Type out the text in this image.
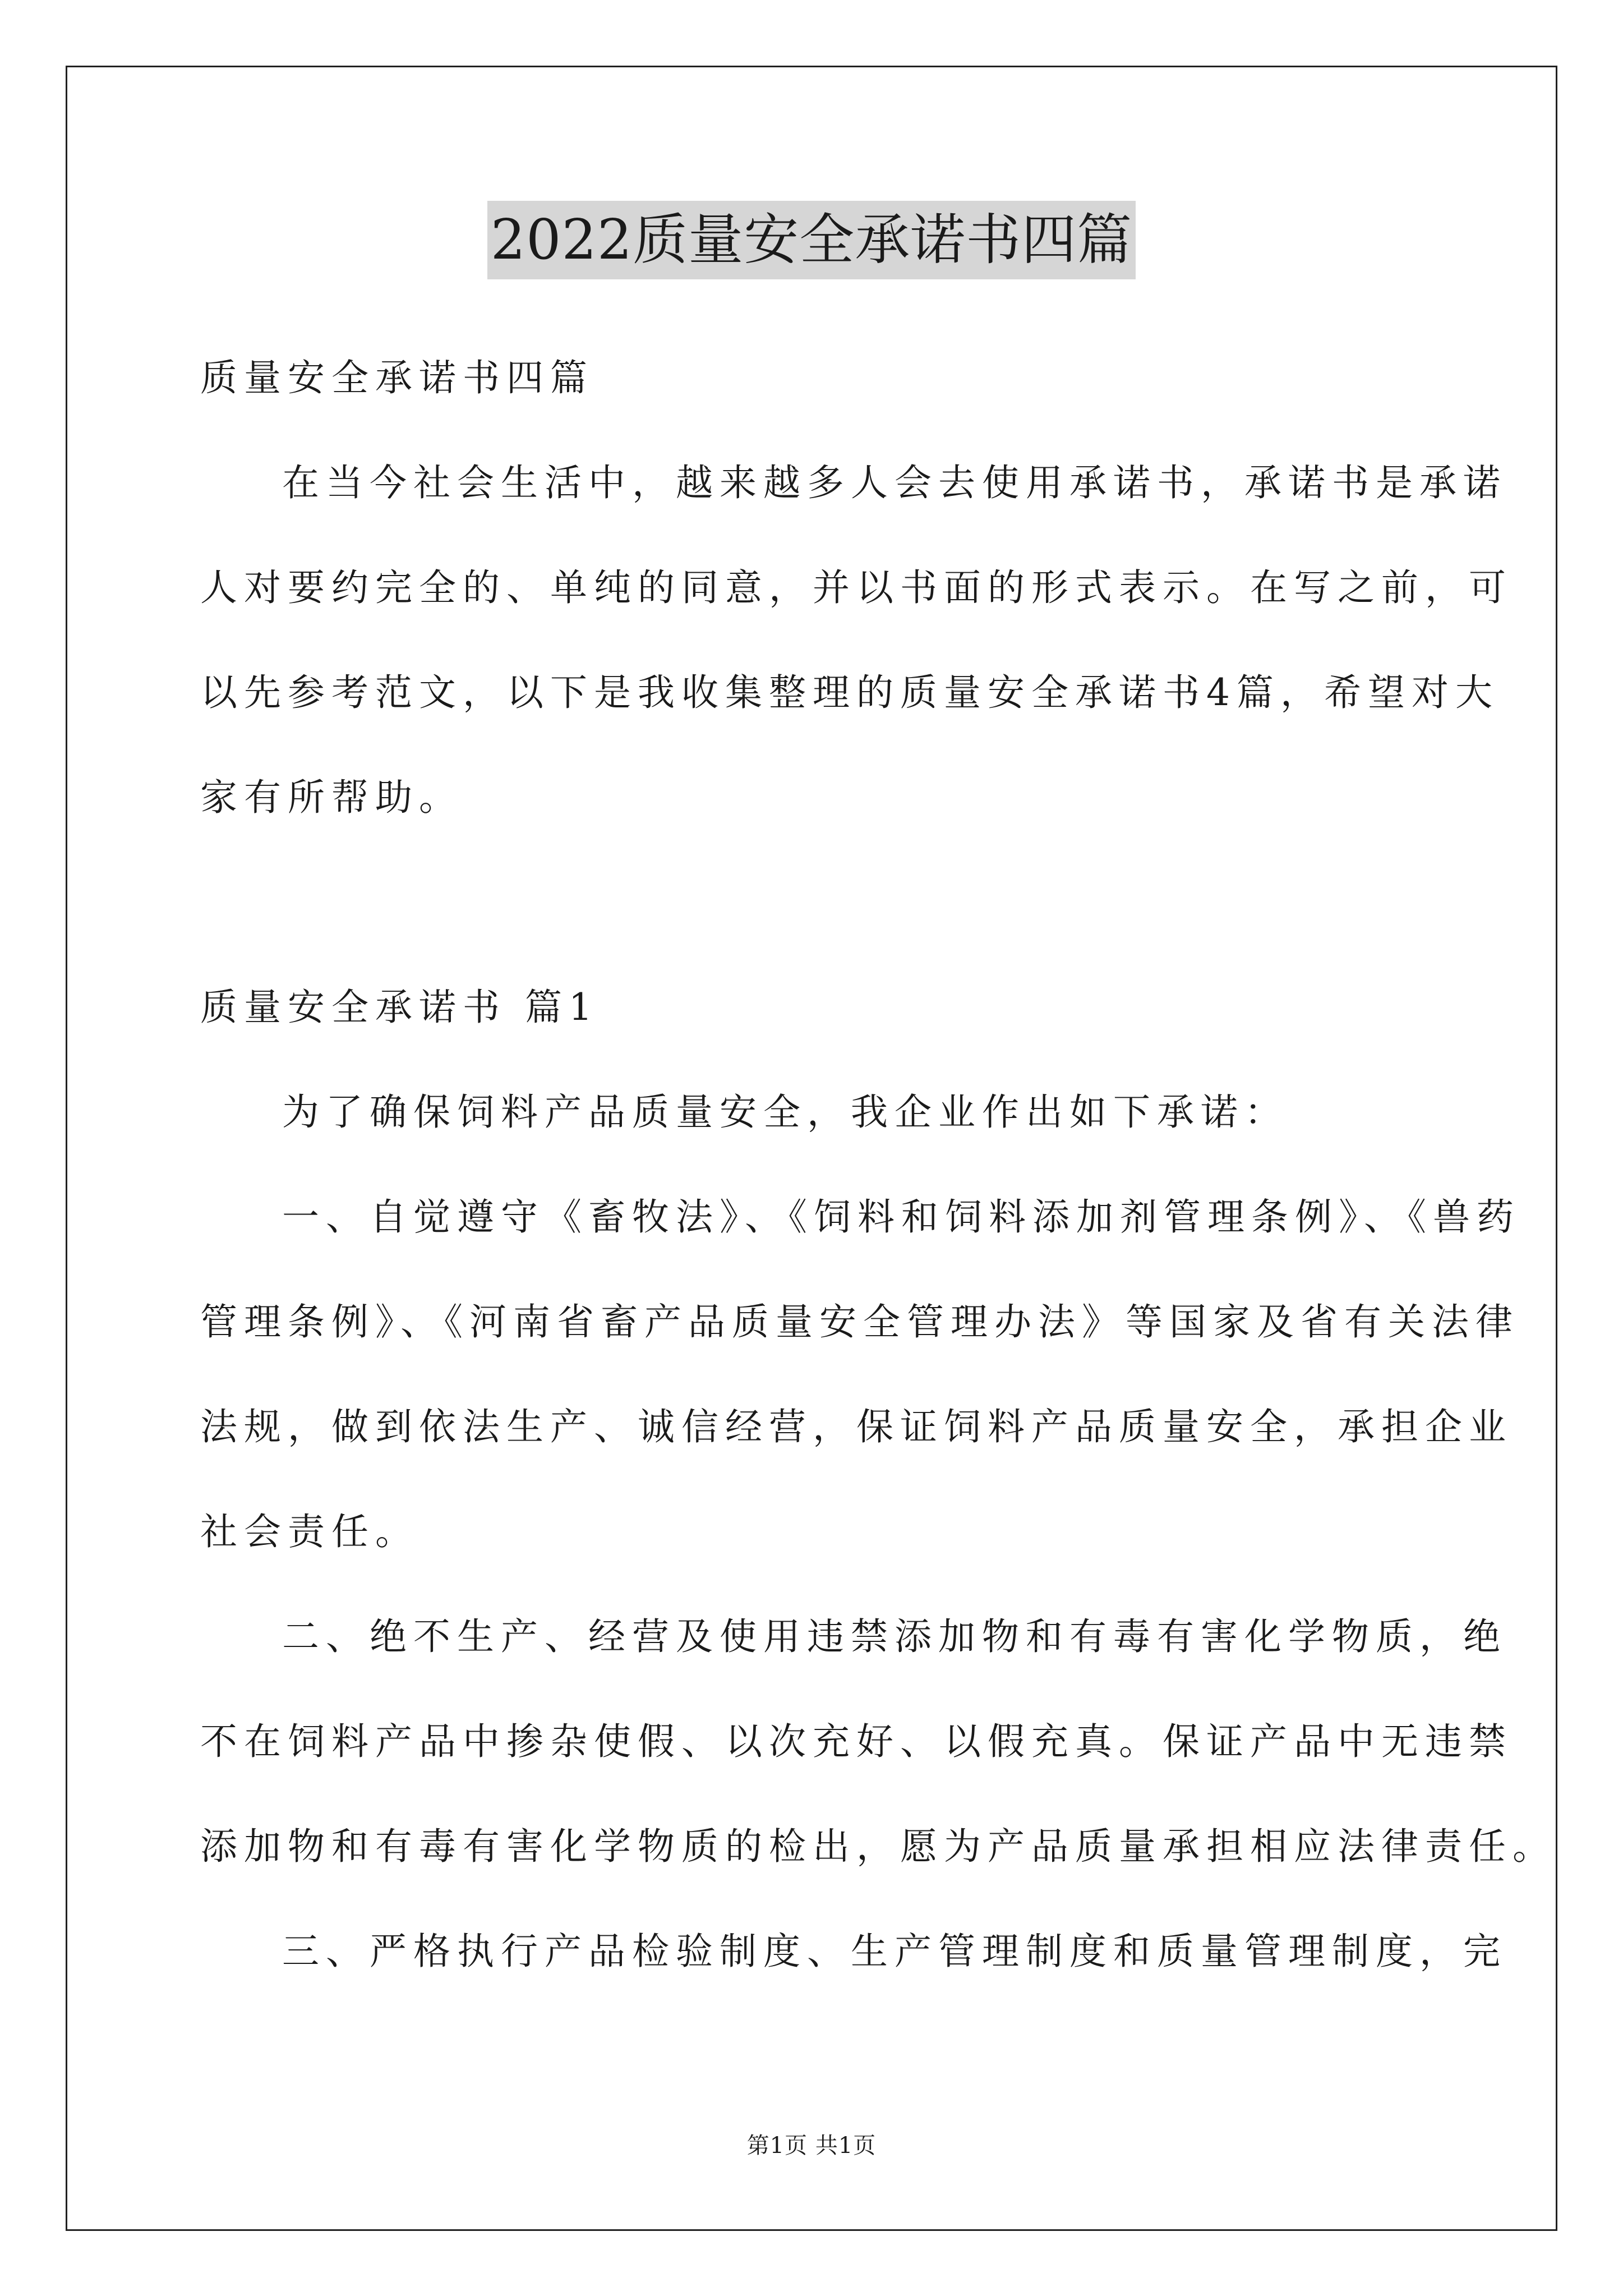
2022质量安全承诺书四篇

质量安全承诺书四篇

在当今社会生活中，越来越多人会去使用承诺书，承诺书是承诺

人对要约完全的、单纯的同意，并以书面的形式表示。在写之前，可

以先参考范文，以下是我收集整理的质量安全承诺书4篇，希望对大

家有所帮助。

质量安全承诺书 篇1

为了确保饲料产品质量安全，我企业作出如下承诺：

一、自觉遵守《畜牧法》、《饲料和饲料添加剂管理条例》、《兽药

管理条例》、《河南省畜产品质量安全管理办法》等国家及省有关法律

法规，做到依法生产、诚信经营，保证饲料产品质量安全，承担企业

社会责任。

二、绝不生产、经营及使用违禁添加物和有毒有害化学物质，绝

不在饲料产品中掺杂使假、以次充好、以假充真。保证产品中无违禁

添加物和有毒有害化学物质的检出，愿为产品质量承担相应法律责任。

三、严格执行产品检验制度、生产管理制度和质量管理制度，完

第1页 共1页
